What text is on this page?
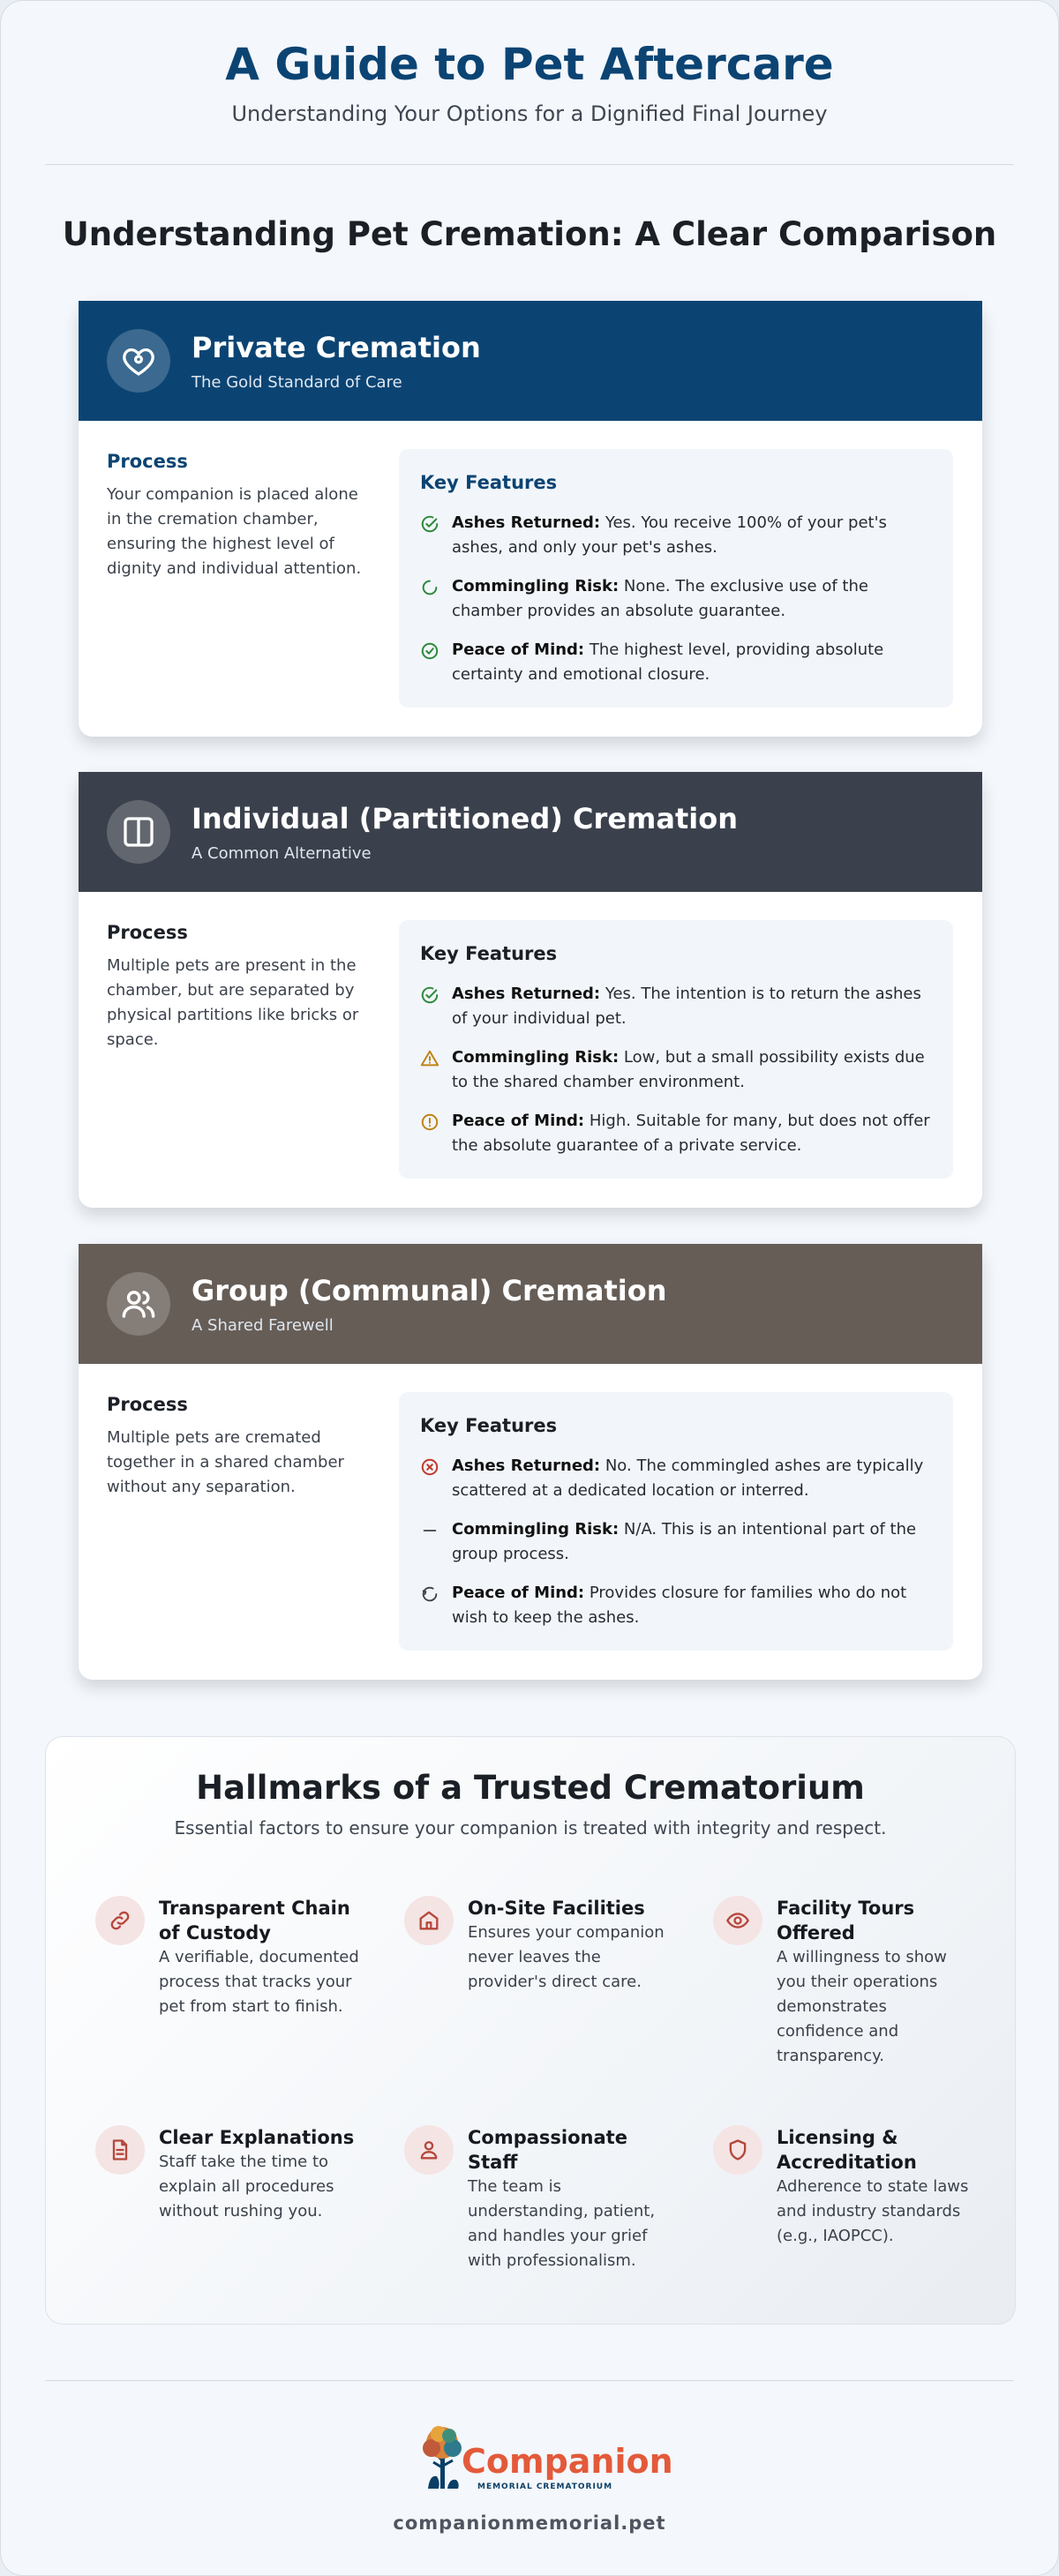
A Guide to Pet Aftercare
Understanding Your Options for a Dignified Final Journey
Understanding Pet Cremation: A Clear Comparison
Private Cremation
The Gold Standard of Care
Process

Your companion is placed alone in the cremation chamber, ensuring the highest level of dignity and individual attention.

Key Features
Ashes Returned: Yes. You receive 100% of your pet's ashes, and only your pet's ashes.
Commingling Risk: None. The exclusive use of the chamber provides an absolute guarantee.
Peace of Mind: The highest level, providing absolute certainty and emotional closure.
Individual (Partitioned) Cremation
A Common Alternative
Process

Multiple pets are present in the chamber, but are separated by physical partitions like bricks or space.

Key Features
Ashes Returned: Yes. The intention is to return the ashes of your individual pet.
Commingling Risk: Low, but a small possibility exists due to the shared chamber environment.
Peace of Mind: High. Suitable for many, but does not offer the absolute guarantee of a private service.
Group (Communal) Cremation
A Shared Farewell
Process

Multiple pets are cremated together in a shared chamber without any separation.

Key Features
Ashes Returned: No. The commingled ashes are typically scattered at a dedicated location or interred.
Commingling Risk: N/A. This is an intentional part of the group process.
Peace of Mind: Provides closure for families who do not wish to keep the ashes.
Hallmarks of a Trusted Crematorium
Essential factors to ensure your companion is treated with integrity and respect.
Transparent Chain of Custody
A verifiable, documented process that tracks your pet from start to finish.
On-Site Facilities
Ensures your companion never leaves the provider's direct care.
Facility Tours Offered
A willingness to show you their operations demonstrates confidence and transparency.
Clear Explanations
Staff take the time to explain all procedures without rushing you.
Compassionate Staff
The team is understanding, patient, and handles your grief with professionalism.
Licensing & Accreditation
Adherence to state laws and industry standards (e.g., IAOPCC).
Companion
MEMORIAL CREMATORIUM
companionmemorial.pet
